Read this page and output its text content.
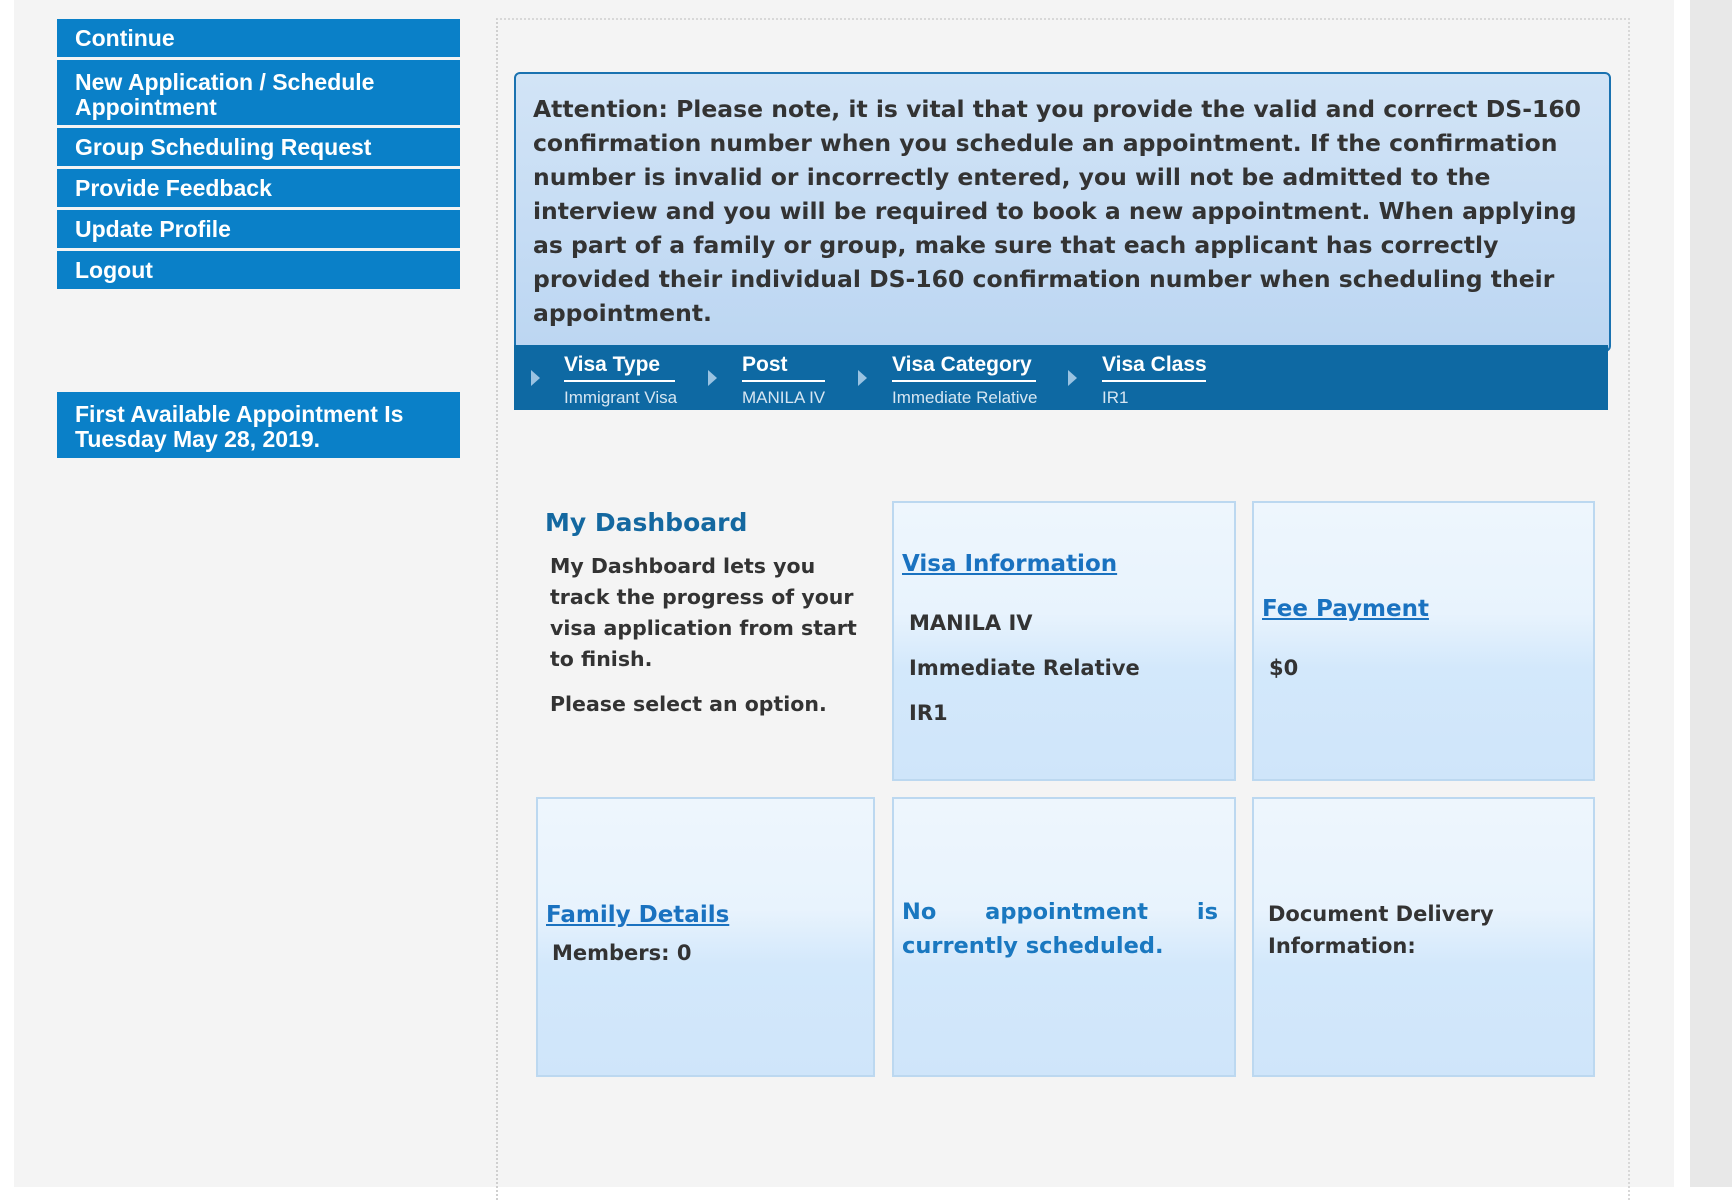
Continue
New Application / Schedule Appointment
Group Scheduling Request
Provide Feedback
Update Profile
Logout
First Available Appointment Is Tuesday May 28, 2019.
Attention: Please note, it is vital that you provide the valid and correct DS-160 confirmation number when you schedule an appointment. If the confirmation number is invalid or incorrectly entered, you will not be admitted to the interview and you will be required to book a new appointment. When applying as part of a family or group, make sure that each applicant has correctly provided their individual DS-160 confirmation number when scheduling their appointment.
Visa Type
Immigrant Visa
Post
MANILA IV
Visa Category
Immediate Relative
Visa Class
IR1
My Dashboard

My Dashboard lets you track the progress of your visa application from start to finish.

Please select an option.

Visa Information
MANILA IV
Immediate Relative
IR1
Fee Payment
$0
Family Details
Members: 0
No appointment is currently scheduled.
Document Delivery Information:
